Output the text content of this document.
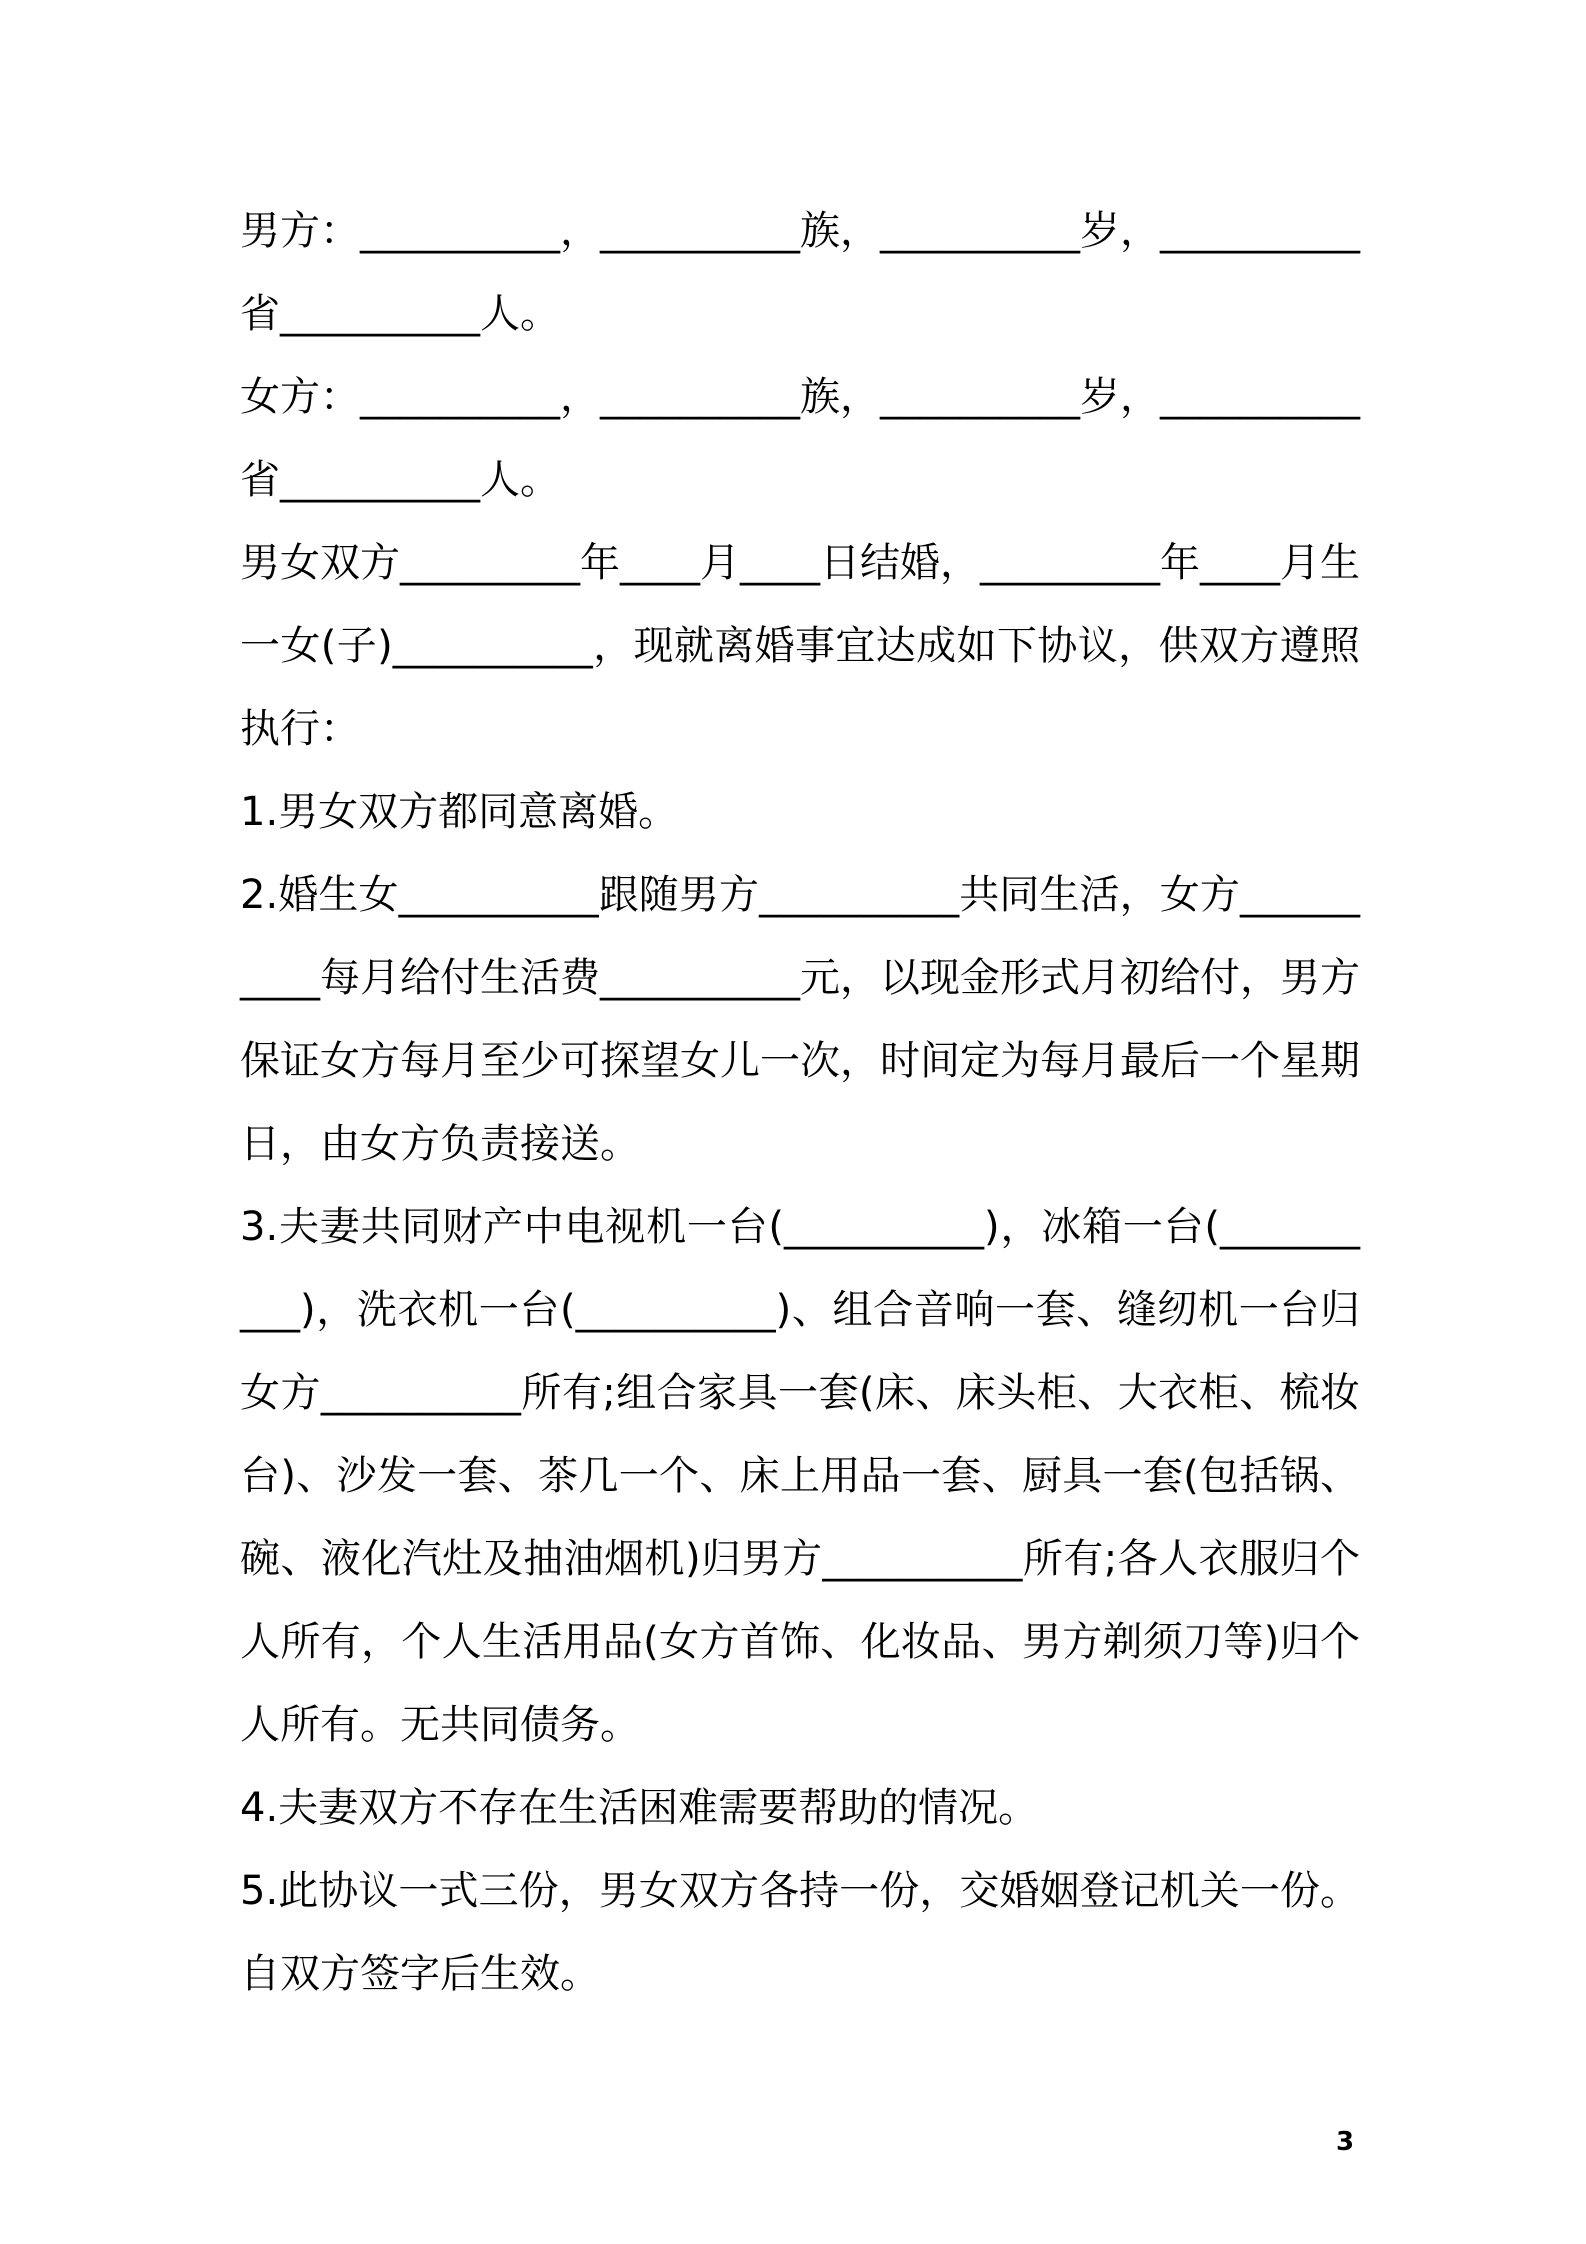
男方：__________，__________族，__________岁，__________省__________人。

女方：__________，__________族，__________岁，__________省__________人。

男女双方_________年____月____日结婚，_________年____月生一女(子)__________，现就离婚事宜达成如下协议，供双方遵照执行：

1.男女双方都同意离婚。

2.婚生女__________跟随男方__________共同生活，女方__________每月给付生活费__________元，以现金形式月初给付，男方保证女方每月至少可探望女儿一次，时间定为每月最后一个星期日，由女方负责接送。

3.夫妻共同财产中电视机一台(__________)，冰箱一台(__________)，洗衣机一台(__________)、组合音响一套、缝纫机一台归女方__________所有;组合家具一套(床、床头柜、大衣柜、梳妆台)、沙发一套、茶几一个、床上用品一套、厨具一套(包括锅、碗、液化汽灶及抽油烟机)归男方__________所有;各人衣服归个人所有，个人生活用品(女方首饰、化妆品、男方剃须刀等)归个人所有。无共同债务。

4.夫妻双方不存在生活困难需要帮助的情况。

5.此协议一式三份，男女双方各持一份，交婚姻登记机关一份。自双方签字后生效。

3
